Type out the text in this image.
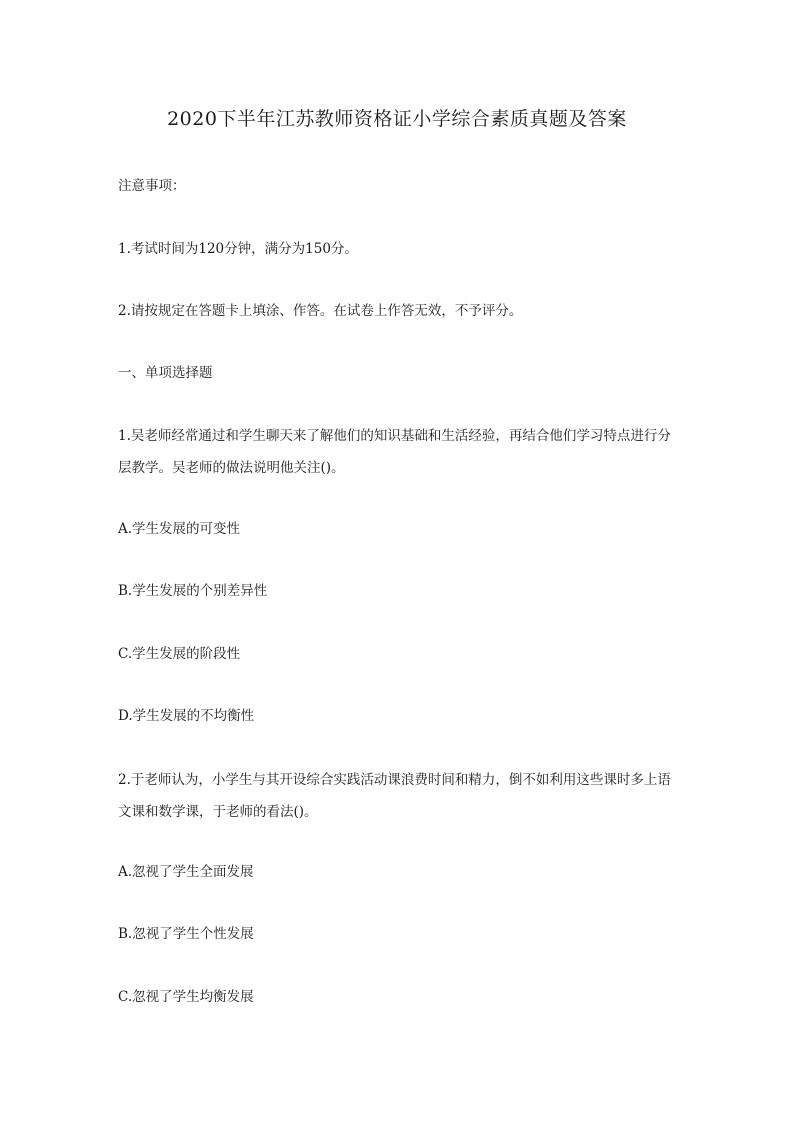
2020下半年江苏教师资格证小学综合素质真题及答案
注意事项：
1.考试时间为120分钟，满分为150分。
2.请按规定在答题卡上填涂、作答。在试卷上作答无效，不予评分。
一、单项选择题
1.吴老师经常通过和学生聊天来了解他们的知识基础和生活经验，再结合他们学习特点进行分层教学。吴老师的做法说明他关注()。
A.学生发展的可变性
B.学生发展的个别差异性
C.学生发展的阶段性
D.学生发展的不均衡性
2.于老师认为，小学生与其开设综合实践活动课浪费时间和精力，倒不如利用这些课时多上语文课和数学课，于老师的看法()。
A.忽视了学生全面发展
B.忽视了学生个性发展
C.忽视了学生均衡发展
